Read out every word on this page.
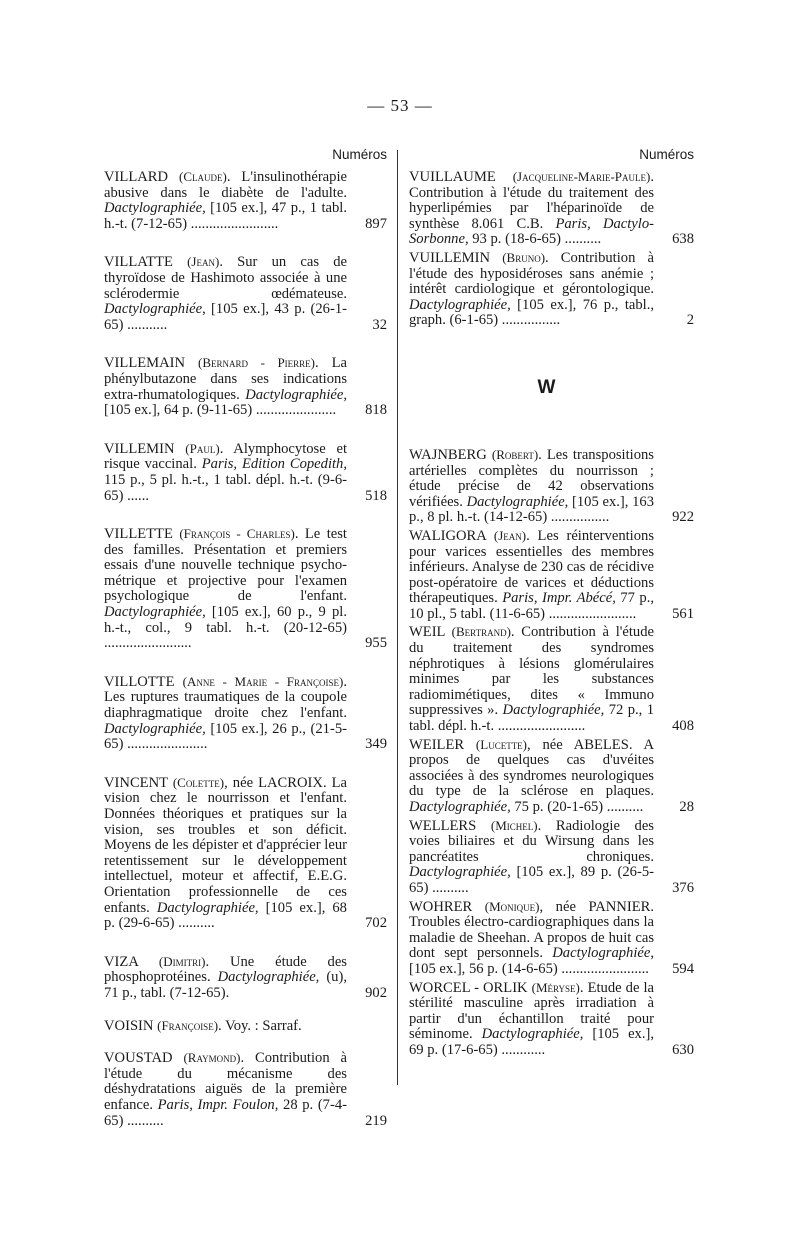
— 53 —
Numéros
VILLARD (Claude). L'insulinothérapie abusive dans le diabète de l'adulte. Dactylographiée, [105 ex.], 47 p., 1 tabl. h.-t. (7-12-65) ........................	897
VILLATTE (Jean). Sur un cas de thyroïdose de Hashimoto associée à une sclérodermie œdémateuse. Dactylographiée, [105 ex.], 43 p. (26-1-65) ...........	32
VILLEMAIN (Bernard - Pierre). La phénylbutazone dans ses indications extra-rhumatologiques. Dactylographiée, [105 ex.], 64 p. (9-11-65) ...................... 818
VILLEMIN (Paul). Alymphocytose et risque vaccinal. Paris, Edition Copedith, 115 p., 5 pl. h.-t., 1 tabl. dépl. h.-t. (9-6-65) ......	518
VILLETTE (François - Charles). Le test des familles. Présentation et premiers essais d'une nouvelle technique psycho-métrique et projective pour l'examen psychologique de l'enfant. Dactylographiée, [105 ex.], 60 p., 9 pl. h.-t., col., 9 tabl. h.-t. (20-12-65) ........................	955
VILLOTTE (Anne - Marie - Françoise). Les ruptures traumatiques de la coupole diaphragmatique droite chez l'enfant. Dactylographiée, [105 ex.], 26 p., (21-5-65) ......................	349
VINCENT (Colette), née LACROIX. La vision chez le nourrisson et l'enfant. Données théoriques et pratiques sur la vision, ses troubles et son déficit. Moyens de les dépister et d'apprécier leur retentissement sur le développement intellectuel, moteur et affectif, E.E.G. Orientation professionnelle de ces enfants. Dactylographiée, [105 ex.], 68 p. (29-6-65) ..........	702
VIZA (Dimitri). Une étude des phosphoprotéines. Dactylographiée, (u), 71 p., tabl. (7-12-65).	902
VOISIN (Françoise). Voy. : Sarraf.
VOUSTAD (Raymond). Contribution à l'étude du mécanisme des déshydratations aiguës de la première enfance. Paris, Impr. Foulon, 28 p. (7-4-65) ..........	219
Numéros
VUILLAUME (Jacqueline-Marie-Paule). Contribution à l'étude du traitement des hyperlipémies par l'héparinoïde de synthèse 8.061 C.B. Paris, Dactylo-Sorbonne, 93 p. (18-6-65) ..........	638
VUILLEMIN (Bruno). Contribution à l'étude des hyposidéroses sans anémie ; intérêt cardiologique et gérontologique. Dactylographiée, [105 ex.], 76 p., tabl., graph. (6-1-65) ................	2
W
WAJNBERG (Robert). Les transpositions artérielles complètes du nourrisson ; étude précise de 42 observations vérifiées. Dactylographiée, [105 ex.], 163 p., 8 pl. h.-t. (14-12-65) ................	922
WALIGORA (Jean). Les réinterventions pour varices essentielles des membres inférieurs. Analyse de 230 cas de récidive post-opératoire de varices et déductions thérapeutiques. Paris, Impr. Abécé, 77 p., 10 pl., 5 tabl. (11-6-65) ........................ 561
WEIL (Bertrand). Contribution à l'étude du traitement des syndromes néphrotiques à lésions glomérulaires minimes par les substances radiomimétiques, dites « Immuno suppressives ». Dactylographiée, 72 p., 1 tabl. dépl. h.-t. ........................	408
WEILER (Lucette), née ABELES. A propos de quelques cas d'uvéites associées à des syndromes neurologiques du type de la sclérose en plaques. Dactylographiée, 75 p. (20-1-65) .......... 28
WELLERS (Michel). Radiologie des voies biliaires et du Wirsung dans les pancréatites chroniques. Dactylographiée, [105 ex.], 89 p. (26-5-65) ..........	376
WOHRER (Monique), née PANNIER. Troubles électro-cardiographiques dans la maladie de Sheehan. A propos de huit cas dont sept personnels. Dactylographiée, [105 ex.], 56 p. (14-6-65) ........................ 594
WORCEL - ORLIK (Méryse). Etude de la stérilité masculine après irradiation à partir d'un échantillon traité pour séminome. Dactylographiée, [105 ex.], 69 p. (17-6-65) ............	630
